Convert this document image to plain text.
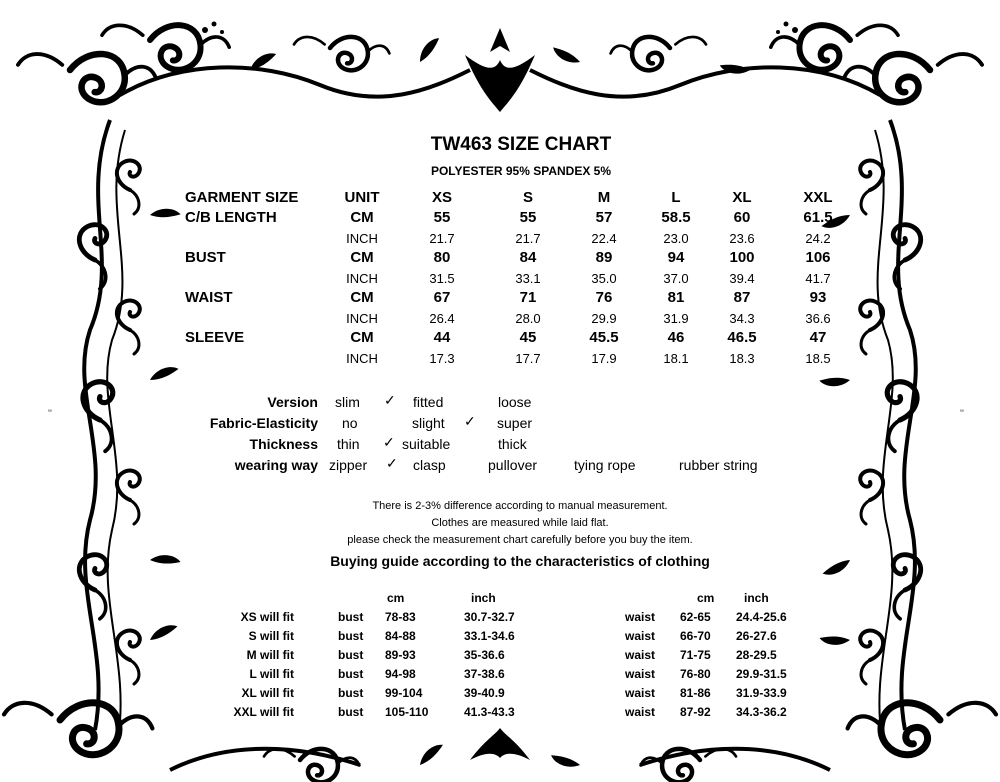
"	"
TW463 SIZE CHART
POLYESTER 95% SPANDEX 5%
GARMENT SIZE	UNIT	XS	S	M	L	XL	XXL
C/B LENGTH	CM	55	55	57	58.5	60	61.5
INCH	21.7	21.7	22.4	23.0	23.6	24.2
BUST	CM	80	84	89	94	100	106
INCH	31.5	33.1	35.0	37.0	39.4	41.7
WAIST	CM	67	71	76	81	87	93
INCH	26.4	28.0	29.9	31.9	34.3	36.6
SLEEVE	CM	44	45	45.5	46	46.5	47
INCH	17.3	17.7	17.9	18.1	18.3	18.5
Version slim ✓ fitted	loose
Fabric-Elasticity no	slight ✓ super
Thickness thin ✓ suitable	thick
wearing way zipper ✓ clasp	pullover	tying rope	rubber string
There is 2-3% difference according to manual measurement.
Clothes are measured while laid flat.
please check the measurement chart carefully before you buy the item.
Buying guide according to the characteristics of clothing
cm	inch	cm inch
XS will fit	bust 78-83	30.7-32.7	waist 62-65 24.4-25.6
S will fit	bust 84-88	33.1-34.6	waist 66-70 26-27.6
M will fit	bust 89-93	35-36.6	waist 71-75 28-29.5
L will fit	bust 94-98	37-38.6	waist 76-80 29.9-31.5
XL will fit	bust 99-104	39-40.9	waist 81-86 31.9-33.9
XXL will fit	bust 105-110	41.3-43.3	waist 87-92 34.3-36.2
